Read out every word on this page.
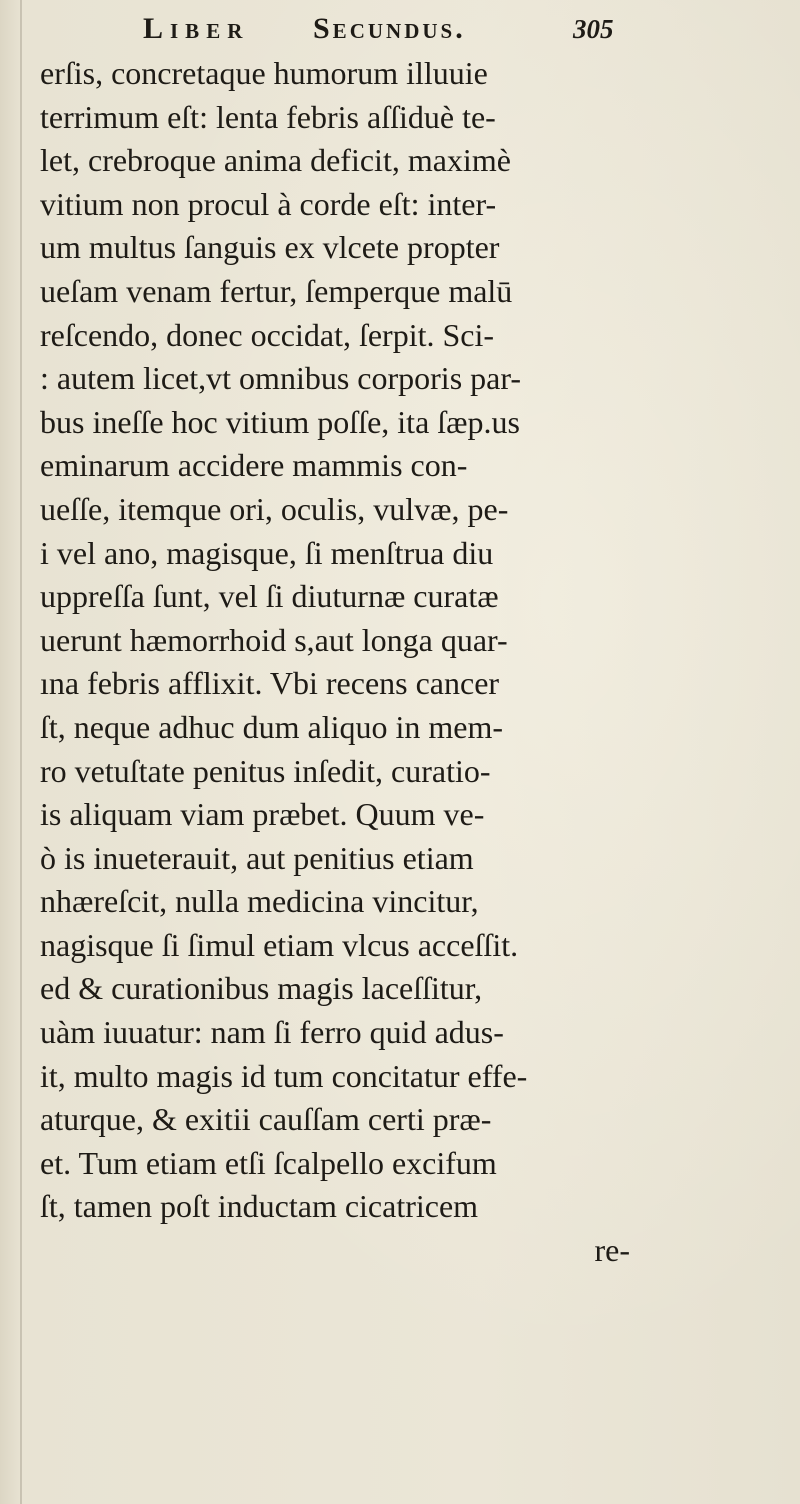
Liber Secundus.	305
erſis, concretaque humorum illuuie
terrimum eſt: lenta febris aſſiduè te-
let, crebroque anima deficit, maximè
vitium non procul à corde eſt: inter-
um multus ſanguis ex vlcete propter
ueſam venam fertur, ſemperque malū
reſcendo, donec occidat, ſerpit. Sci-
: autem licet,vt omnibus corporis par-
bus ineſſe hoc vitium poſſe, ita ſæp.us
eminarum accidere mammis con-
ueſſe, itemque ori, oculis, vulvæ, pe-
i vel ano, magisque, ſi menſtrua diu
uppreſſa ſunt, vel ſi diuturnæ curatæ
uerunt hæmorrhoid s,aut longa quar-
ına febris afflixit. Vbi recens cancer
ſt, neque adhuc dum aliquo in mem-
ro vetuſtate penitus inſedit, curatio-
is aliquam viam præbet. Quum ve-
ò is inueterauit, aut penitius etiam
nhæreſcit, nulla medicina vincitur,
nagisque ſi ſimul etiam vlcus acceſſit.
ed & curationibus magis laceſſitur,
uàm iuuatur: nam ſi ferro quid adus-
it, multo magis id tum concitatur effe-
aturque, & exitii cauſſam certi præ-
et. Tum etiam etſi ſcalpello excifum
ſt, tamen poſt inductam cicatricem
re-
